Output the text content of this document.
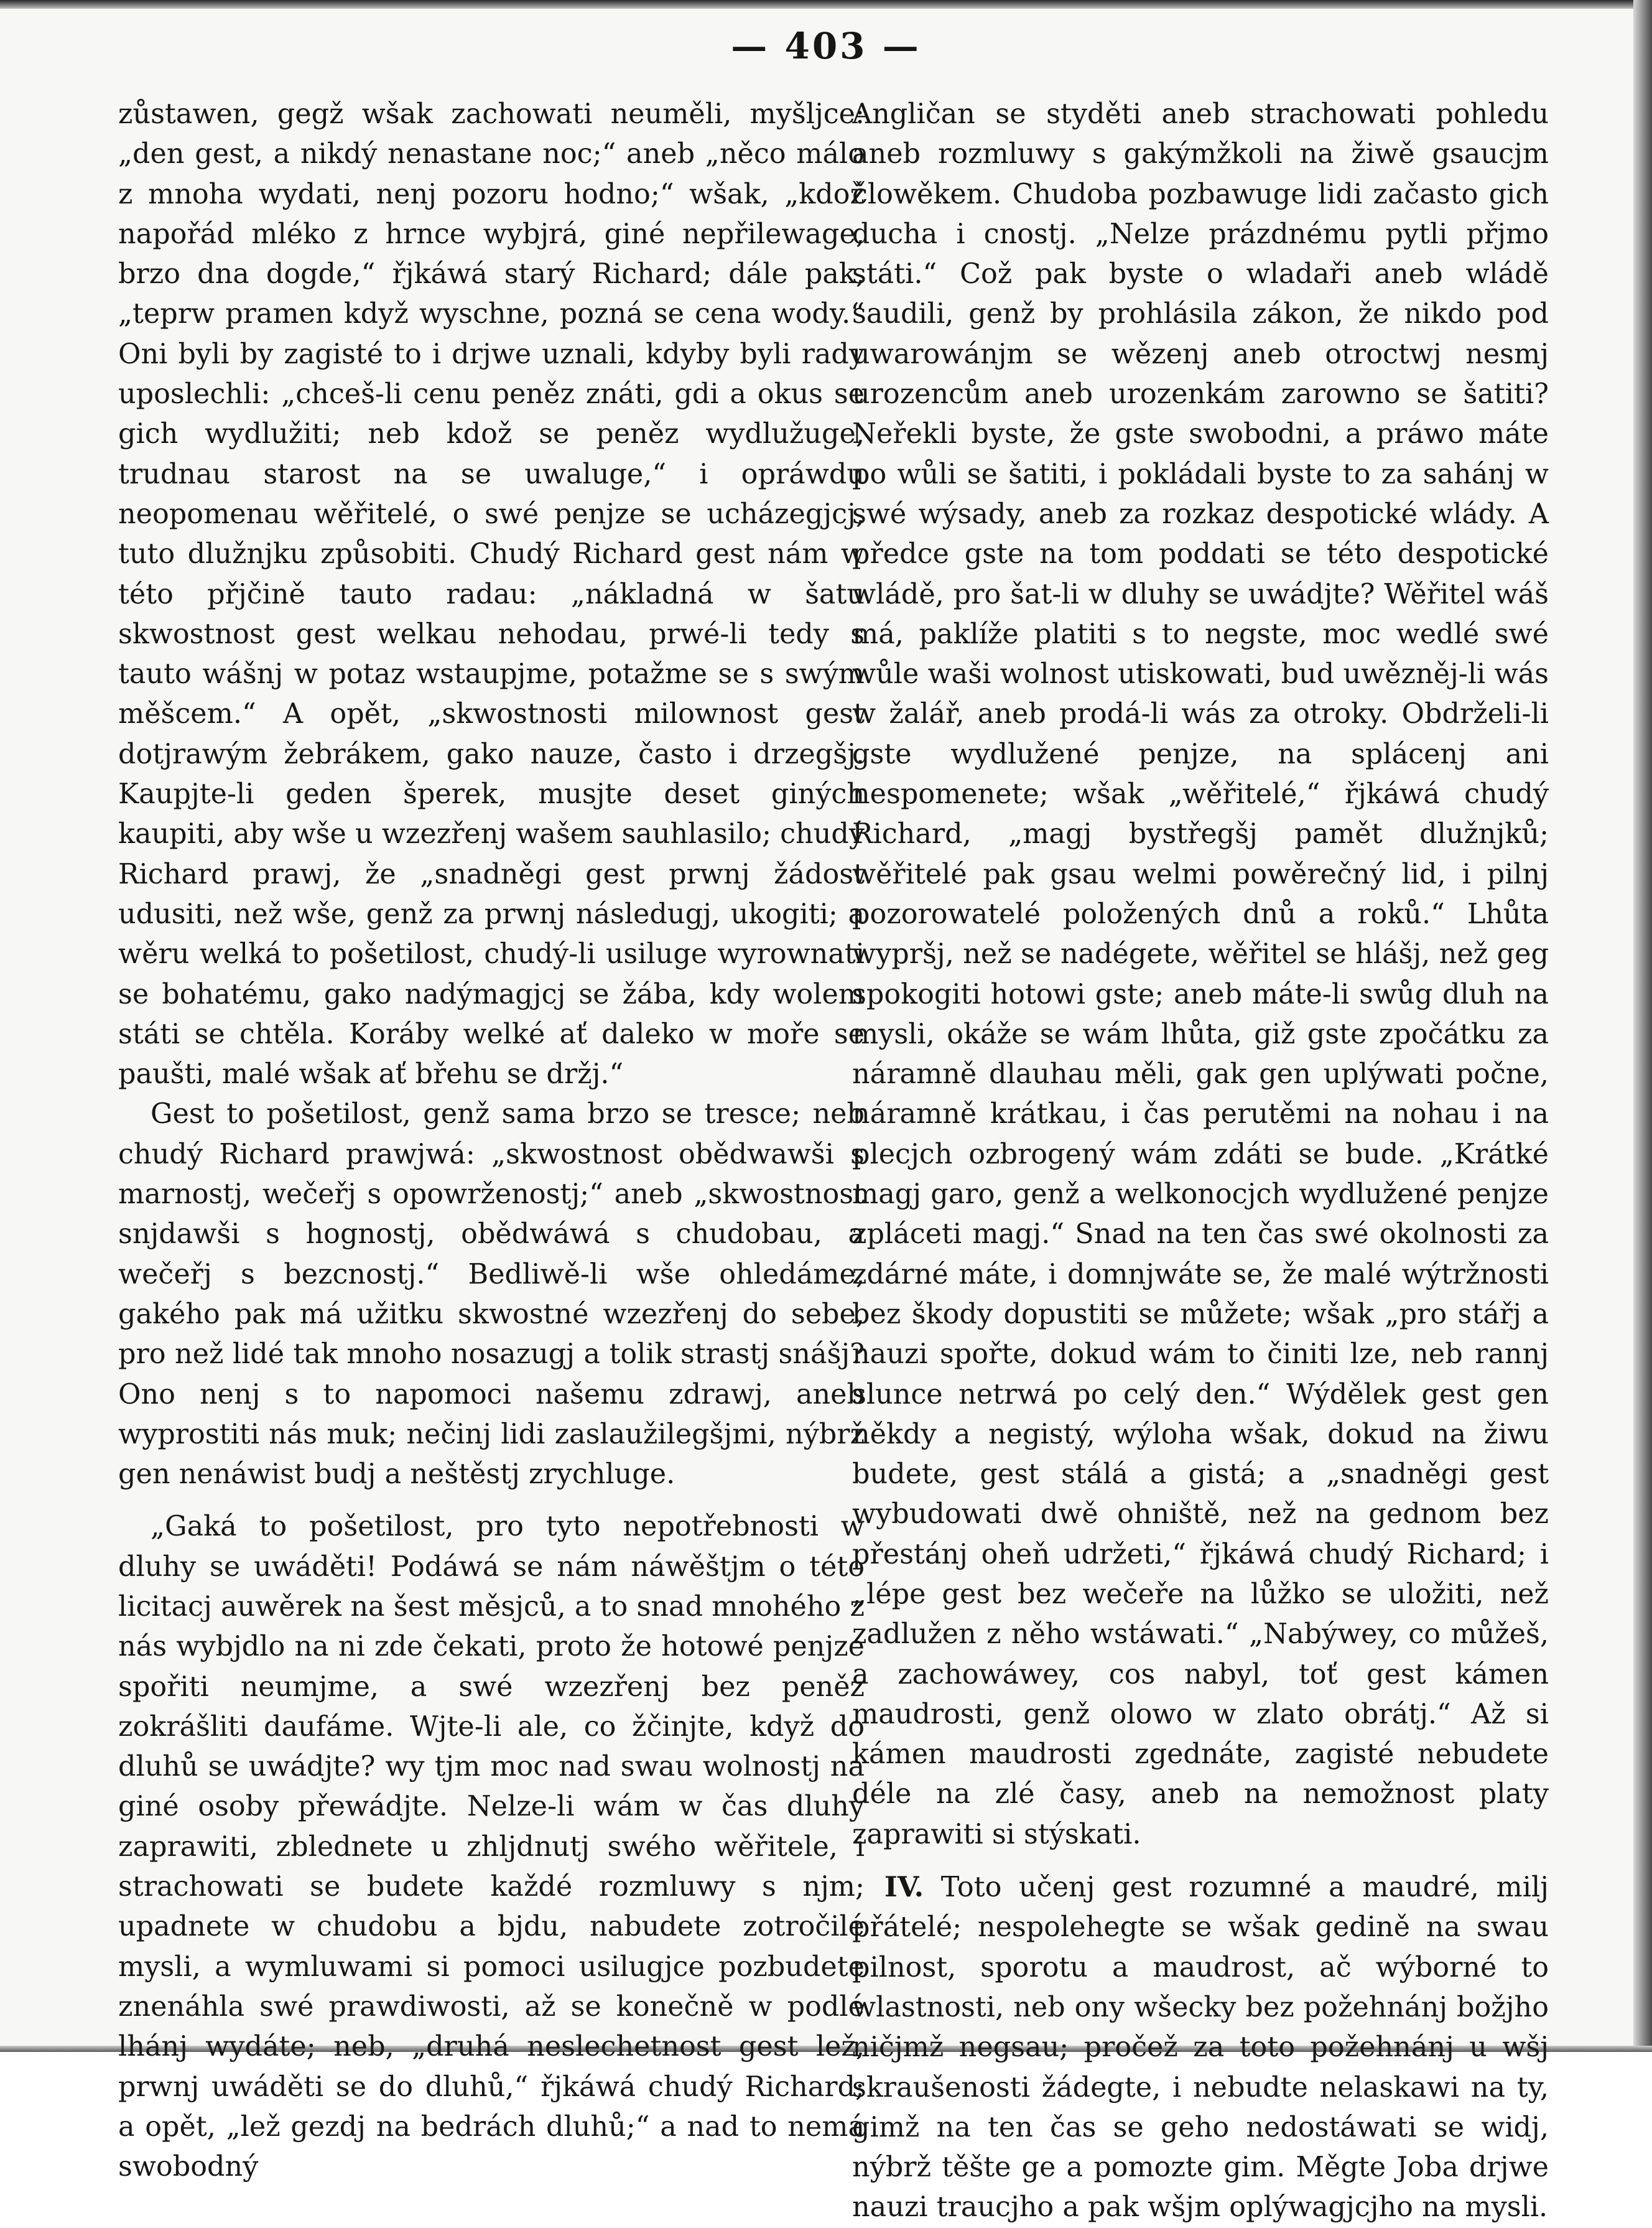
— 403 —

zůstawen, gegž wšak zachowati neuměli, myšljce: „den gest, a nikdý nenastane noc;“ aneb „něco málo z mnoha wydati, nenj pozoru hodno;“ wšak, „kdož napořád mléko z hrnce wybjrá, giné nepřilewage, brzo dna dogde,“ řjkáwá starý Richard; dále pak, „teprw pramen když wyschne, pozná se cena wody.“ Oni byli by zagisté to i drjwe uznali, kdyby byli rady uposlechli: „chceš-li cenu peněz znáti, gdi a okus se gich wydlužiti; neb kdož se peněz wydlužuge, trudnau starost na se uwaluge,“ i opráwdu neopomenau wěřitelé, o swé penjze se ucházegjcj, tuto dlužnjku způsobiti. Chudý Richard gest nám w této přjčině tauto radau: „nákladná w šatu skwostnost gest welkau nehodau, prwé-li tedy s tauto wášnj w potaz wstaupjme, potažme se s swým měšcem.“ A opět, „skwostnosti milownost gest dotjrawým žebrákem, gako nauze, často i drzegšj. Kaupjte-li geden šperek, musjte deset giných kaupiti, aby wše u wzezřenj wašem sauhlasilo; chudý Richard prawj, že „snadněgi gest prwnj žádost udusiti, než wše, genž za prwnj následugj, ukogiti; a wěru welká to pošetilost, chudý-li usiluge wyrownati se bohatému, gako nadýmagjcj se žába, kdy wolem státi se chtěla. Koráby welké ať daleko w moře se paušti, malé wšak ať břehu se držj.“

Gest to pošetilost, genž sama brzo se tresce; neb chudý Richard prawjwá: „skwostnost obědwawši s marnostj, wečeřj s opowrženostj;“ aneb „skwostnost snjdawši s hognostj, obědwáwá s chudobau, a wečeřj s bezcnostj.“ Bedliwě-li wše ohledáme, gakého pak má užitku skwostné wzezřenj do sebe, pro než lidé tak mnoho nosazugj a tolik strastj snášj? Ono nenj s to napomoci našemu zdrawj, aneb wyprostiti nás muk; nečinj lidi zaslaužilegšjmi, nýbrž gen nenáwist budj a neštěstj zrychluge.

„Gaká to pošetilost, pro tyto nepotřebnosti w dluhy se uwáděti! Podáwá se nám náwěštjm o této licitacj auwěrek na šest měsjců, a to snad mnohého z nás wybjdlo na ni zde čekati, proto že hotowé penjze spořiti neumjme, a swé wzezřenj bez peněz zokrášliti daufáme. Wjte-li ale, co žčinjte, když do dluhů se uwádjte? wy tjm moc nad swau wolnostj na giné osoby přewádjte. Nelze-li wám w čas dluhy zaprawiti, zblednete u zhljdnutj swého wěřitele, i strachowati se budete každé rozmluwy s njm; upadnete w chudobu a bjdu, nabudete zotročilé mysli, a wymluwami si pomoci usilugjce pozbudete znenáhla swé prawdiwosti, až se konečně w podlé lhánj wydáte; neb, „druhá neslechetnost gest lež, prwnj uwáděti se do dluhů,“ řjkáwá chudý Richard; a opět, „lež gezdj na bedrách dluhů;“ a nad to nemá swobodný

Angličan se styděti aneb strachowati pohledu aneb rozmluwy s gakýmžkoli na žiwě gsaucjm člowěkem. Chudoba pozbawuge lidi začasto gich ducha i cnostj. „Nelze prázdnému pytli přjmo státi.“ Což pak byste o wladaři aneb wládě saudili, genž by prohlásila zákon, že nikdo pod uwarowánjm se wězenj aneb otroctwj nesmj urozencům aneb urozenkám zarowno se šatiti? Neřekli byste, že gste swobodni, a práwo máte po wůli se šatiti, i pokládali byste to za sahánj w swé wýsady, aneb za rozkaz despotické wlády. A předce gste na tom poddati se této despotické wládě, pro šat-li w dluhy se uwádjte? Wěřitel wáš má, paklíže platiti s to negste, moc wedlé swé wůle waši wolnost utiskowati, bud uwězněj-li wás w žalář, aneb prodá-li wás za otroky. Obdrželi-li gste wydlužené penjze, na splácenj ani nespomenete; wšak „wěřitelé,“ řjkáwá chudý Richard, „magj bystřegšj pamět dlužnjků; wěřitelé pak gsau welmi powěrečný lid, i pilnj pozorowatelé položených dnů a roků.“ Lhůta wypršj, než se nadégete, wěřitel se hlášj, než geg spokogiti hotowi gste; aneb máte-li swůg dluh na mysli, okáže se wám lhůta, giž gste zpočátku za náramně dlauhau měli, gak gen uplýwati počne, náramně krátkau, i čas perutěmi na nohau i na plecjch ozbrogený wám zdáti se bude. „Krátké magj garo, genž a welkonocjch wydlužené penjze zpláceti magj.“ Snad na ten čas swé okolnosti za zdárné máte, i domnjwáte se, že malé wýtržnosti bez škody dopustiti se můžete; wšak „pro stářj a nauzi spořte, dokud wám to činiti lze, neb rannj slunce netrwá po celý den.“ Wýdělek gest gen někdy a negistý, wýloha wšak, dokud na žiwu budete, gest stálá a gistá; a „snadněgi gest wybudowati dwě ohniště, než na gednom bez přestánj oheň udržeti,“ řjkáwá chudý Richard; i „lépe gest bez wečeře na lůžko se uložiti, než zadlužen z něho wstáwati.“ „Nabýwey, co můžeš, a zachowáwey, cos nabyl, toť gest kámen maudrosti, genž olowo w zlato obrátj.“ Až si kámen maudrosti zgednáte, zagisté nebudete déle na zlé časy, aneb na nemožnost platy zaprawiti si stýskati.

IV. Toto učenj gest rozumné a maudré, milj přátelé; nespolehegte se wšak gedině na swau pilnost, sporotu a maudrost, ač wýborné to wlastnosti, neb ony wšecky bez požehnánj božjho ničjmž negsau; pročež za toto požehnánj u wšj skraušenosti žádegte, i nebudte nelaskawi na ty, gimž na ten čas se geho nedostáwati se widj, nýbrž těšte ge a pomozte gim. Měgte Joba drjwe nauzi traucjho a pak wšjm oplýwagjcjho na mysli.
